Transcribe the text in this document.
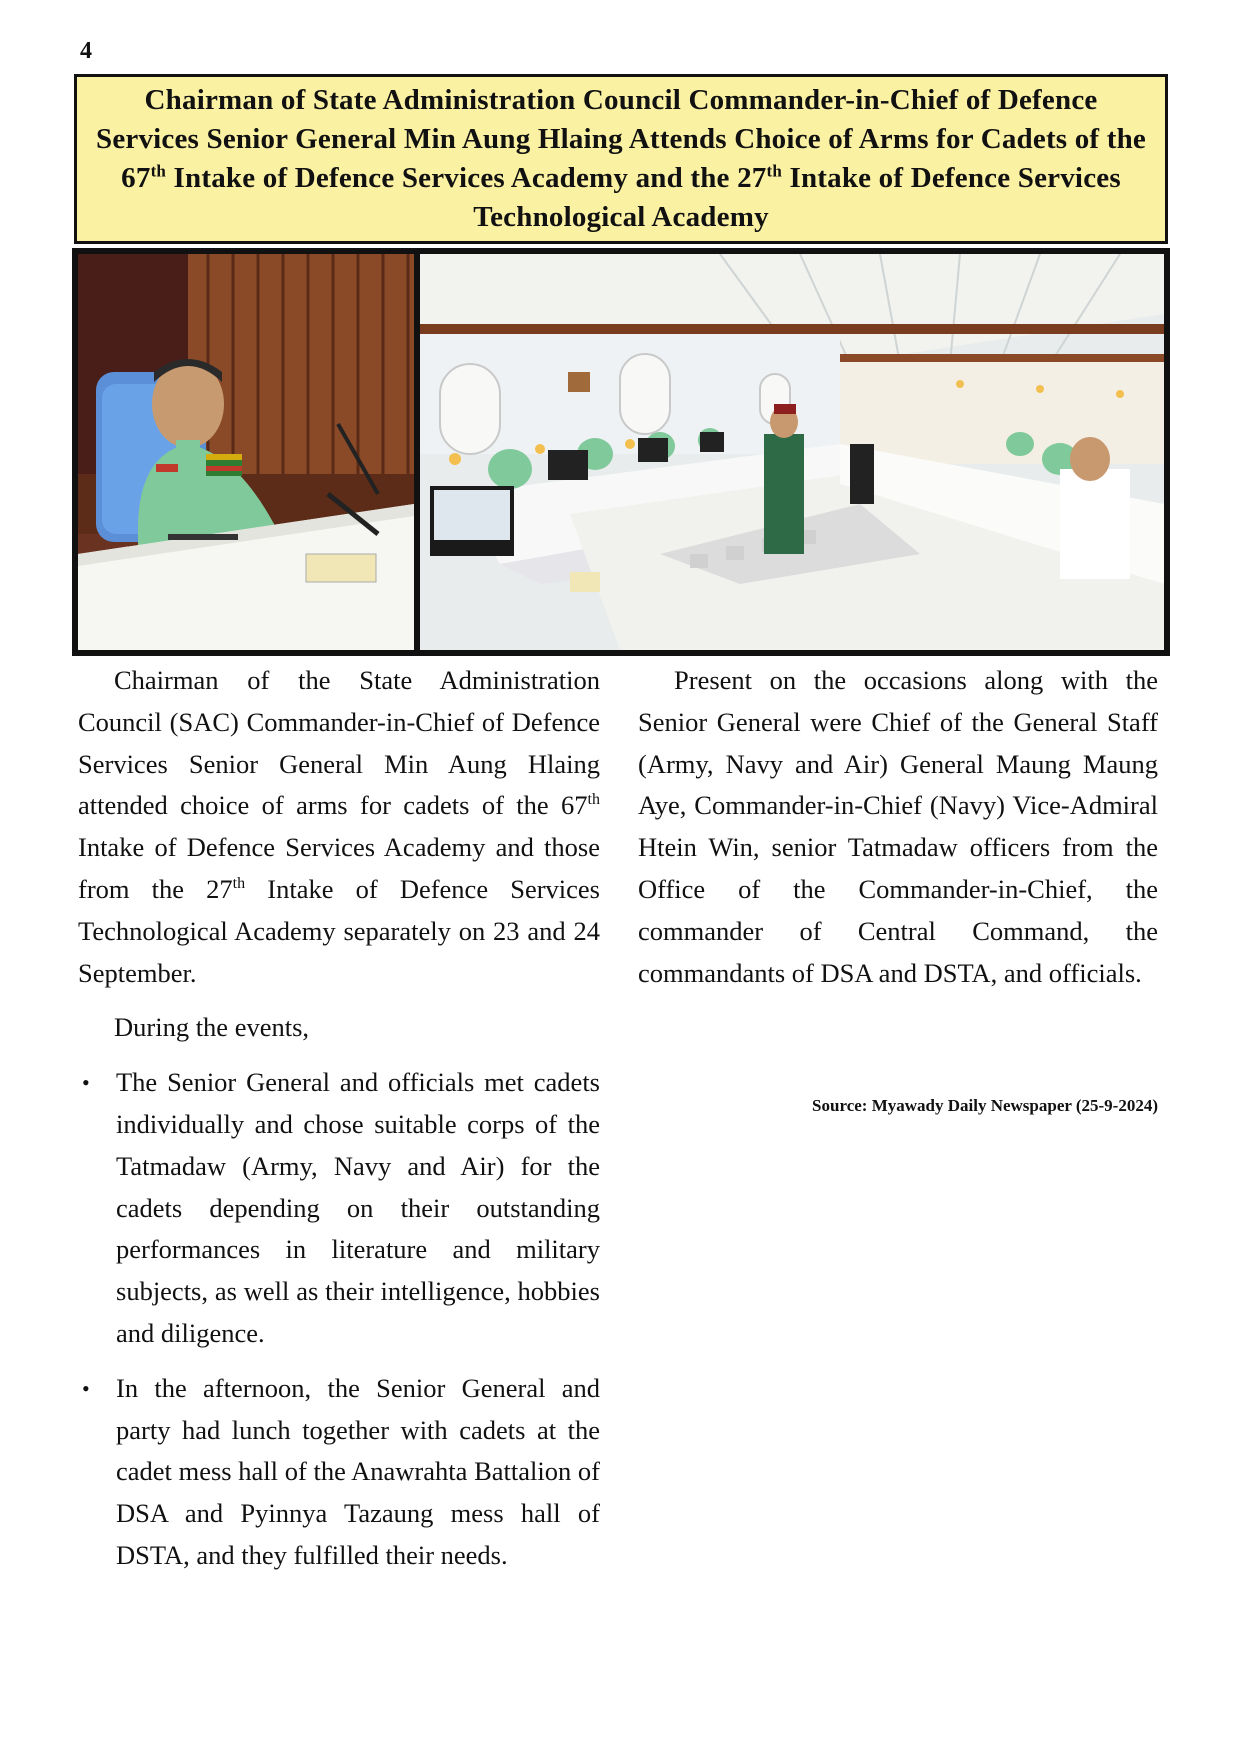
4
Chairman of State Administration Council Commander-in-Chief of Defence Services Senior General Min Aung Hlaing Attends Choice of Arms for Cadets of the 67th Intake of Defence Services Academy and the 27th Intake of Defence Services Technological Academy

Chairman of the State Administration Council (SAC) Commander-in-Chief of Defence Services Senior General Min Aung Hlaing attended choice of arms for cadets of the 67th Intake of Defence Services Academy and those from the 27th Intake of Defence Services Technological Academy separately on 23 and 24 September.

During the events,

• The Senior General and officials met cadets individually and chose suitable corps of the Tatmadaw (Army, Navy and Air) for the cadets depending on their outstanding performances in literature and military subjects, as well as their intelligence, hobbies and diligence.
• In the afternoon, the Senior General and party had lunch together with cadets at the cadet mess hall of the Anawrahta Battalion of DSA and Pyinnya Tazaung mess hall of DSTA, and they fulfilled their needs.

Present on the occasions along with the Senior General were Chief of the General Staff (Army, Navy and Air) General Maung Maung Aye, Commander-in-Chief (Navy) Vice-Admiral Htein Win, senior Tatmadaw officers from the Office of the Commander-in-Chief, the commander of Central Command, the commandants of DSA and DSTA, and officials.

Source: Myawady Daily Newspaper (25-9-2024)
